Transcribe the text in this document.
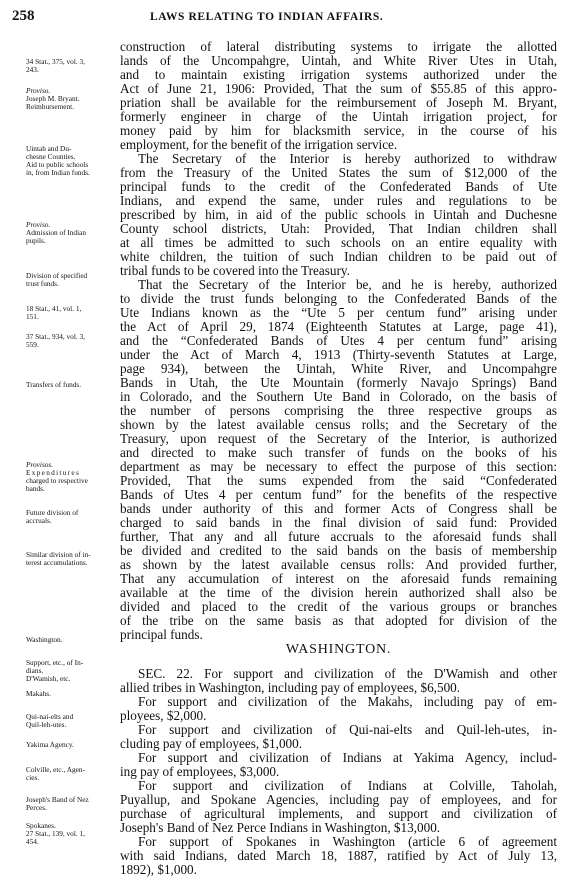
258	LAWS RELATING TO INDIAN AFFAIRS.
34 Stat., 375, vol. 3,
243.
Proviso.
Joseph M. Bryant.
Reimbursement.
Uintah and Du-
chesne Counties.
Aid to public schools
in, from Indian funds.
Proviso.
Admission of Indian
pupils.
Division of specified
trust funds.
18 Stat., 41, vol. 1,
151.
37 Stat., 934, vol. 3,
559.
Transfers of funds.
Provisos.
Expenditures
charged to respective
bands.
Future division of
accruals.
Similar division of in-
terest accumulations.
Washington.
Support, etc., of In-
dians.
D'Wamish, etc.
Makahs.
Qui-nai-elts and
Quil-leh-utes.
Yakima Agency.
Colville, etc., Agen-
cies.
Joseph's Band of Nez
Perces.
Spokanes.
27 Stat., 139, vol. 1,
454.
WASHINGTON.
construction of lateral distributing systems to irrigate the allotted
lands of the Uncompahgre, Uintah, and White River Utes in Utah,
and to maintain existing irrigation systems authorized under the
Act of June 21, 1906: Provided, That the sum of $55.85 of this appro-
priation shall be available for the reimbursement of Joseph M. Bryant,
formerly engineer in charge of the Uintah irrigation project, for
money paid by him for blacksmith service, in the course of his
employment, for the benefit of the irrigation service.
The Secretary of the Interior is hereby authorized to withdraw
from the Treasury of the United States the sum of $12,000 of the
principal funds to the credit of the Confederated Bands of Ute
Indians, and expend the same, under rules and regulations to be
prescribed by him, in aid of the public schools in Uintah and Duchesne
County school districts, Utah: Provided, That Indian children shall
at all times be admitted to such schools on an entire equality with
white children, the tuition of such Indian children to be paid out of
tribal funds to be covered into the Treasury.
That the Secretary of the Interior be, and he is hereby, authorized
to divide the trust funds belonging to the Confederated Bands of the
Ute Indians known as the “Ute 5 per centum fund” arising under
the Act of April 29, 1874 (Eighteenth Statutes at Large, page 41),
and the “Confederated Bands of Utes 4 per centum fund” arising
under the Act of March 4, 1913 (Thirty-seventh Statutes at Large,
page 934), between the Uintah, White River, and Uncompahgre
Bands in Utah, the Ute Mountain (formerly Navajo Springs) Band
in Colorado, and the Southern Ute Band in Colorado, on the basis of
the number of persons comprising the three respective groups as
shown by the latest available census rolls; and the Secretary of the
Treasury, upon request of the Secretary of the Interior, is authorized
and directed to make such transfer of funds on the books of his
department as may be necessary to effect the purpose of this section:
Provided, That the sums expended from the said “Confederated
Bands of Utes 4 per centum fund” for the benefits of the respective
bands under authority of this and former Acts of Congress shall be
charged to said bands in the final division of said fund: Provided
further, That any and all future accruals to the aforesaid funds shall
be divided and credited to the said bands on the basis of membership
as shown by the latest available census rolls: And provided further,
That any accumulation of interest on the aforesaid funds remaining
available at the time of the division herein authorized shall also be
divided and placed to the credit of the various groups or branches
of the tribe on the same basis as that adopted for division of the
principal funds.
SEC. 22. For support and civilization of the D'Wamish and other
allied tribes in Washington, including pay of employees, $6,500.
For support and civilization of the Makahs, including pay of em-
ployees, $2,000.
For support and civilization of Qui-nai-elts and Quil-leh-utes, in-
cluding pay of employees, $1,000.
For support and civilization of Indians at Yakima Agency, includ-
ing pay of employees, $3,000.
For support and civilization of Indians at Colville, Taholah,
Puyallup, and Spokane Agencies, including pay of employees, and for
purchase of agricultural implements, and support and civilization of
Joseph's Band of Nez Perce Indians in Washington, $13,000.
For support of Spokanes in Washington (article 6 of agreement
with said Indians, dated March 18, 1887, ratified by Act of July 13,
1892), $1,000.
